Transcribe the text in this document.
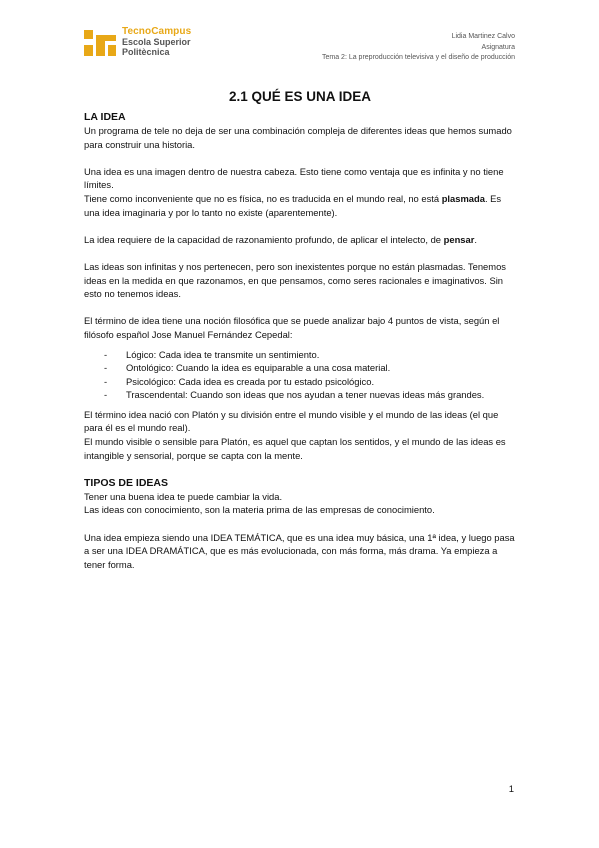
TecnoCampus
Escola Superior
Politècnica
Lidia Martinez Calvo
Asignatura
Tema 2: La preproducción televisiva y el diseño de producción
2.1 QUÉ ES UNA IDEA
LA IDEA

Un programa de tele no deja de ser una combinación compleja de diferentes ideas que hemos sumado para construir una historia.

Una idea es una imagen dentro de nuestra cabeza. Esto tiene como ventaja que es infinita y no tiene límites.

Tiene como inconveniente que no es física, no es traducida en el mundo real, no está plasmada. Es una idea imaginaria y por lo tanto no existe (aparentemente).

La idea requiere de la capacidad de razonamiento profundo, de aplicar el intelecto, de pensar.

Las ideas son infinitas y nos pertenecen, pero son inexistentes porque no están plasmadas. Tenemos ideas en la medida en que razonamos, en que pensamos, como seres racionales e imaginativos. Sin esto no tenemos ideas.

El término de idea tiene una noción filosófica que se puede analizar bajo 4 puntos de vista, según el filósofo español Jose Manuel Fernández Cepedal:

- Lógico: Cada idea te transmite un sentimiento.
- Ontológico: Cuando la idea es equiparable a una cosa material.
- Psicológico: Cada idea es creada por tu estado psicológico.
- Trascendental: Cuando son ideas que nos ayudan a tener nuevas ideas más grandes.

El término idea nació con Platón y su división entre el mundo visible y el mundo de las ideas (el que para él es el mundo real).

El mundo visible o sensible para Platón, es aquel que captan los sentidos, y el mundo de las ideas es intangible y sensorial, porque se capta con la mente.

TIPOS DE IDEAS

Tener una buena idea te puede cambiar la vida.

Las ideas con conocimiento, son la materia prima de las empresas de conocimiento.

Una idea empieza siendo una IDEA TEMÁTICA, que es una idea muy básica, una 1ª idea, y luego pasa a ser una IDEA DRAMÁTICA, que es más evolucionada, con más forma, más drama. Ya empieza a tener forma.

1
